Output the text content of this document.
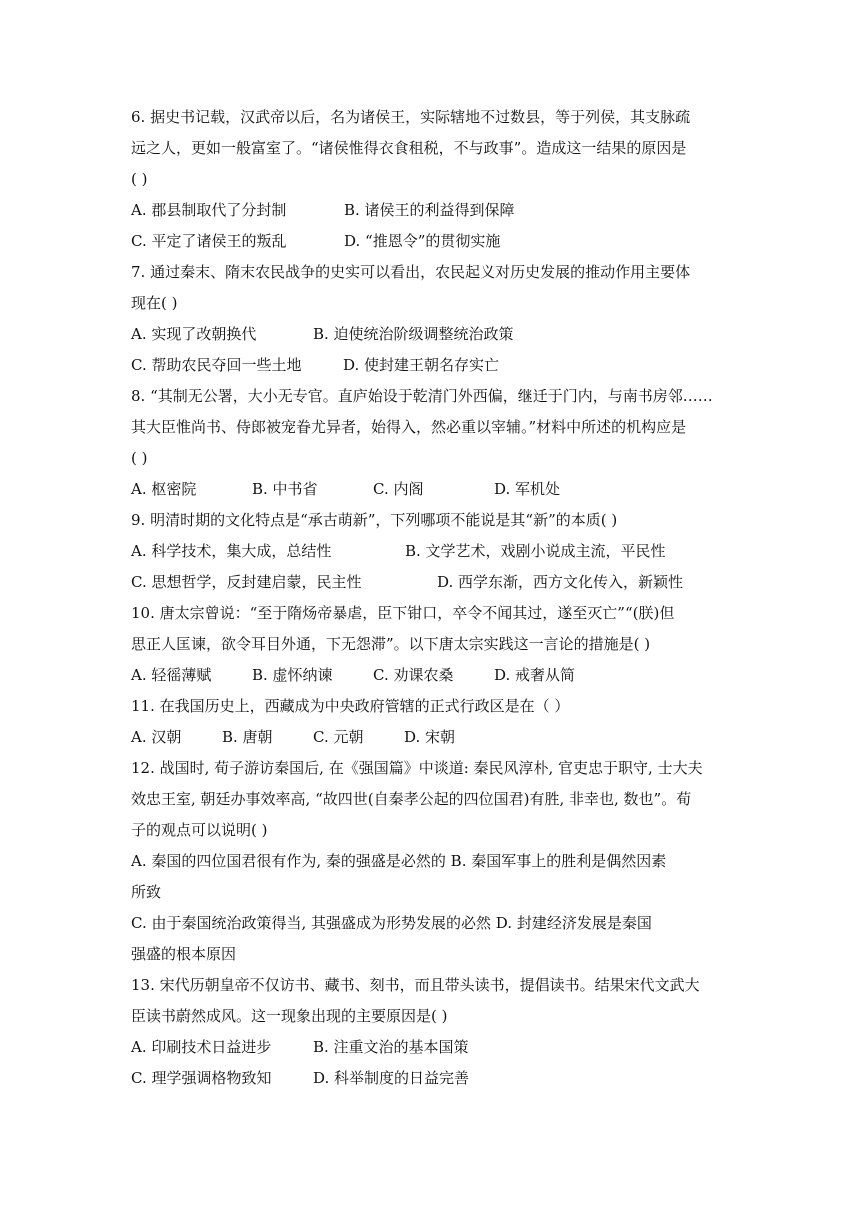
6. 据史书记载，汉武帝以后，名为诸侯王，实际辖地不过数县，等于列侯，其支脉疏
远之人，更如一般富室了。“诸侯惟得衣食租税，不与政事”。造成这一结果的原因是
( )
A. 郡县制取代了分封制	B. 诸侯王的利益得到保障
C. 平定了诸侯王的叛乱	D. “推恩令”的贯彻实施
7. 通过秦末、隋末农民战争的史实可以看出，农民起义对历史发展的推动作用主要体
现在( )
A. 实现了改朝换代	B. 迫使统治阶级调整统治政策
C. 帮助农民夺回一些土地	D. 使封建王朝名存实亡
8. “其制无公署，大小无专官。直庐始设于乾清门外西偏，继迁于门内，与南书房邻……
其大臣惟尚书、侍郎被宠眷尤异者，始得入，然必重以宰辅。”材料中所述的机构应是
( )
A. 枢密院	B. 中书省	C. 内阁	D. 军机处
9. 明清时期的文化特点是“承古萌新”，下列哪项不能说是其“新”的本质( )
A. 科学技术，集大成，总结性	B. 文学艺术，戏剧小说成主流，平民性
C. 思想哲学，反封建启蒙，民主性	D. 西学东渐，西方文化传入，新颖性
10. 唐太宗曾说：“至于隋炀帝暴虐，臣下钳口，卒令不闻其过，遂至灭亡”“(朕)但
思正人匡谏，欲令耳目外通，下无怨滞”。以下唐太宗实践这一言论的措施是( )
A. 轻徭薄赋	B. 虚怀纳谏	C. 劝课农桑	D. 戒奢从简
11. 在我国历史上，西藏成为中央政府管辖的正式行政区是在（ ）
A. 汉朝	B. 唐朝	C. 元朝	D. 宋朝
12. 战国时, 荀子游访秦国后, 在《强国篇》中谈道: 秦民风淳朴, 官吏忠于职守, 士大夫
效忠王室, 朝廷办事效率高, “故四世(自秦孝公起的四位国君)有胜, 非幸也, 数也”。荀
子的观点可以说明( )
A. 秦国的四位国君很有作为, 秦的强盛是必然的 B. 秦国军事上的胜利是偶然因素
所致
C. 由于秦国统治政策得当, 其强盛成为形势发展的必然 D. 封建经济发展是秦国
强盛的根本原因
13. 宋代历朝皇帝不仅访书、藏书、刻书，而且带头读书，提倡读书。结果宋代文武大
臣读书蔚然成风。这一现象出现的主要原因是( )
A. 印刷技术日益进步	B. 注重文治的基本国策
C. 理学强调格物致知	D. 科举制度的日益完善
